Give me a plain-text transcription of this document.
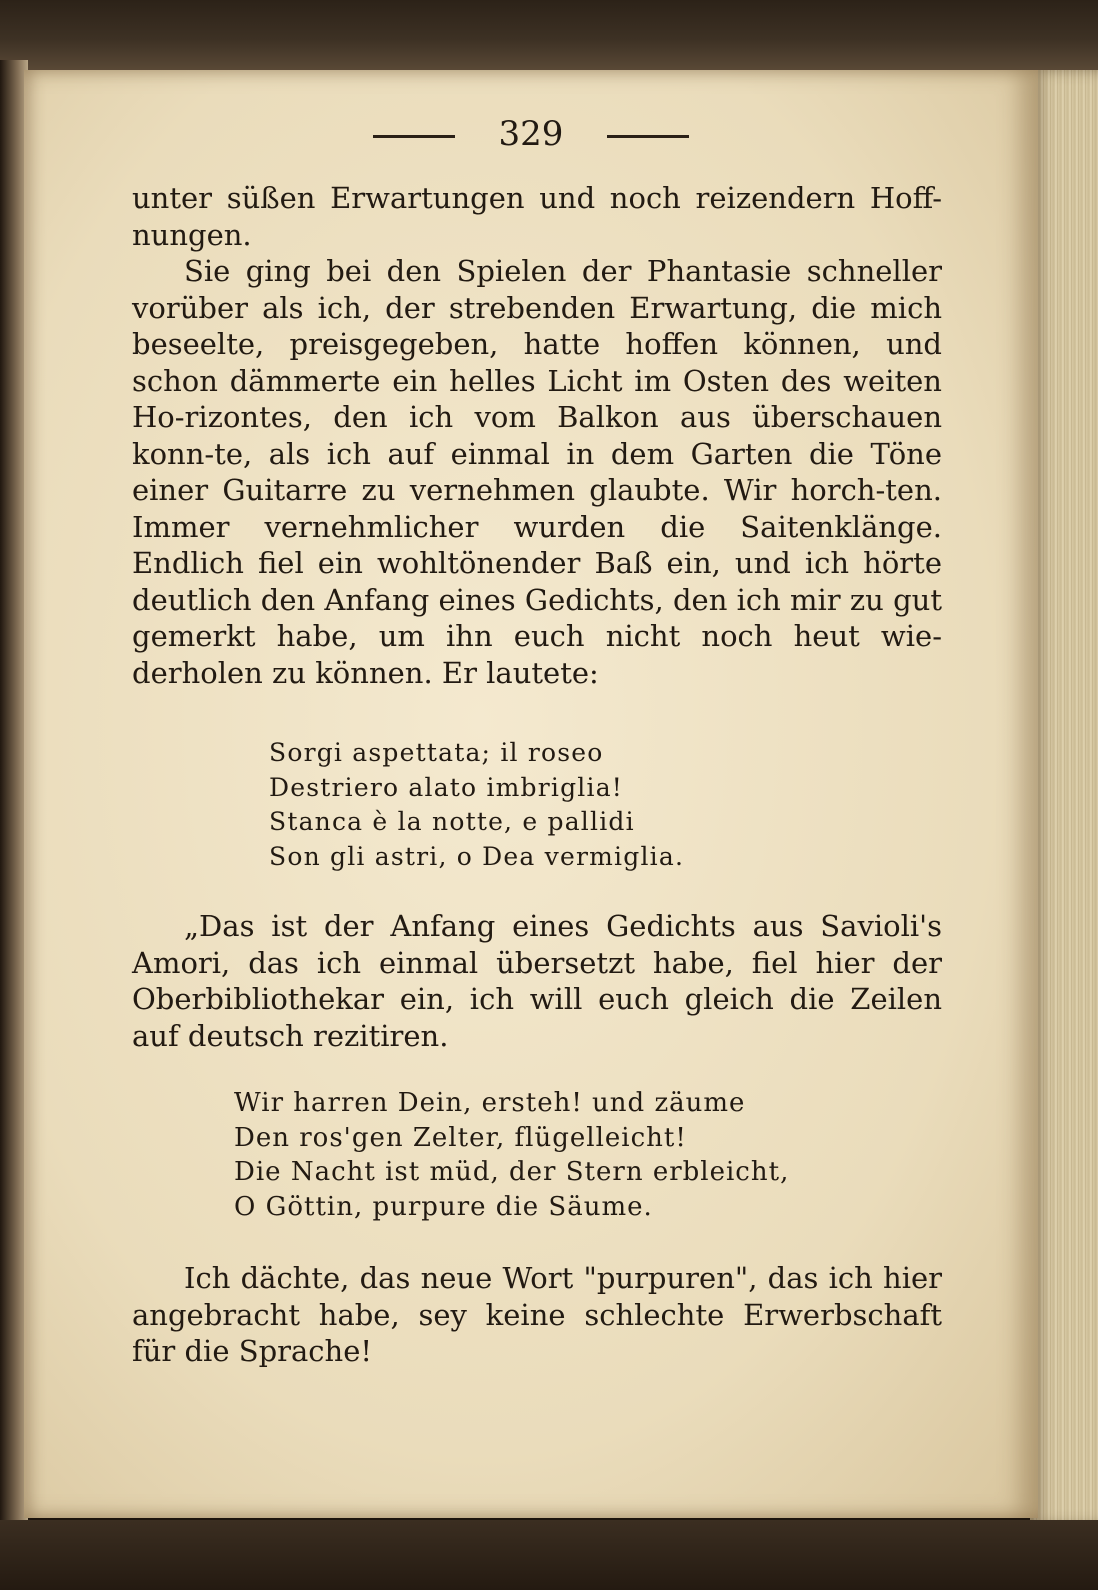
329

unter süßen Erwartungen und noch reizendern Hoff-nungen.

Sie ging bei den Spielen der Phantasie schneller vorüber als ich, der strebenden Erwartung, die mich beseelte, preisgegeben, hatte hoffen können, und schon dämmerte ein helles Licht im Osten des weiten Ho-rizontes, den ich vom Balkon aus überschauen konn-te, als ich auf einmal in dem Garten die Töne einer Guitarre zu vernehmen glaubte. Wir horch-ten. Immer vernehmlicher wurden die Saitenklänge. Endlich fiel ein wohltönender Baß ein, und ich hörte deutlich den Anfang eines Gedichts, den ich mir zu gut gemerkt habe, um ihn euch nicht noch heut wie-derholen zu können. Er lautete:

Sorgi aspettata; il roseo
Destriero alato imbriglia!
Stanca è la notte, e pallidi
Son gli astri, o Dea vermiglia.

„Das ist der Anfang eines Gedichts aus Savioli's Amori, das ich einmal übersetzt habe, fiel hier der Oberbibliothekar ein, ich will euch gleich die Zeilen auf deutsch rezitiren.

Wir harren Dein, ersteh! und zäume
Den ros'gen Zelter, flügelleicht!
Die Nacht ist müd, der Stern erbleicht,
O Göttin, purpure die Säume.

Ich dächte, das neue Wort "purpuren", das ich hier angebracht habe, sey keine schlechte Erwerbschaft für die Sprache!
